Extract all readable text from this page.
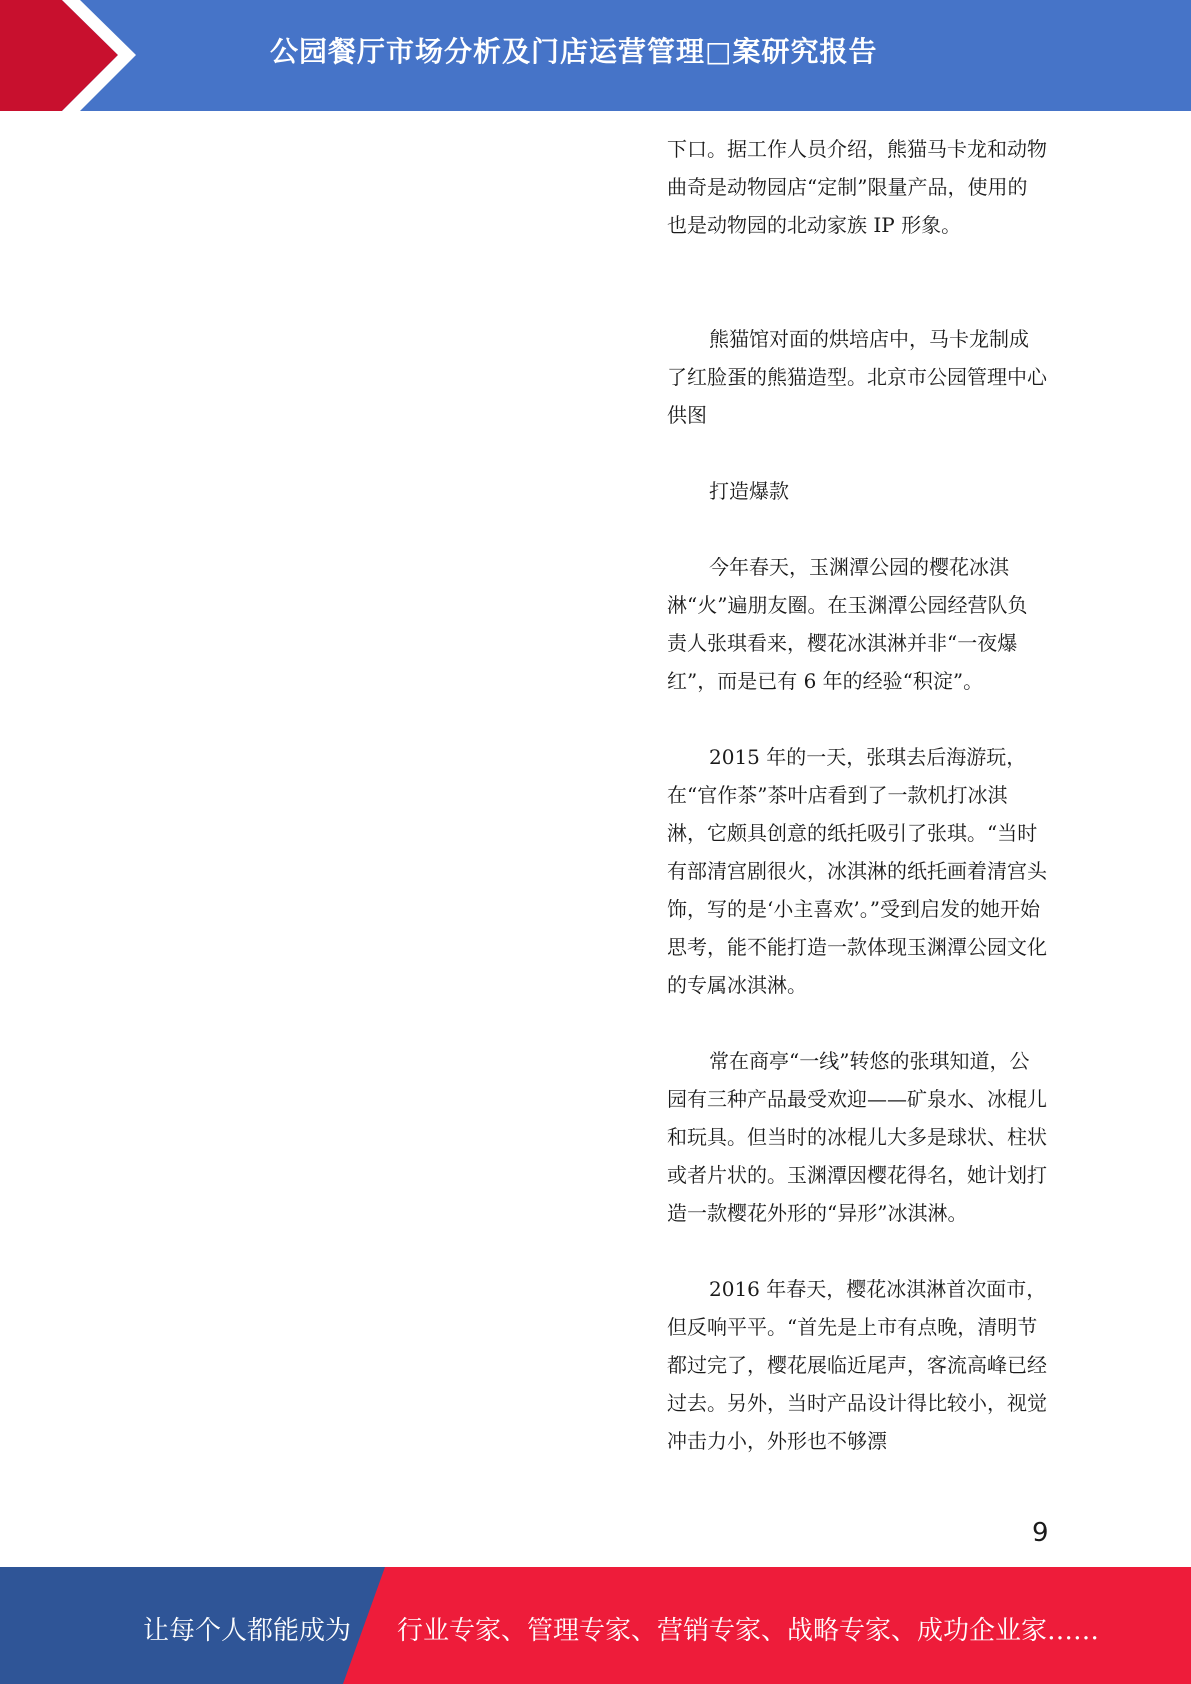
公园餐厅市场分析及门店运营管理□案研究报告

下口。据工作人员介绍，熊猫马卡龙和动物曲奇是动物园店“定制”限量产品，使用的也是动物园的北动家族 IP 形象。

熊猫馆对面的烘培店中，马卡龙制成了红脸蛋的熊猫造型。北京市公园管理中心供图

打造爆款

今年春天，玉渊潭公园的樱花冰淇淋“火”遍朋友圈。在玉渊潭公园经营队负责人张琪看来，樱花冰淇淋并非“一夜爆红”，而是已有 6 年的经验“积淀”。

2015 年的一天，张琪去后海游玩，在“官作茶”茶叶店看到了一款机打冰淇淋，它颇具创意的纸托吸引了张琪。“当时有部清宫剧很火，冰淇淋的纸托画着清宫头饰，写的是‘小主喜欢’。”受到启发的她开始思考，能不能打造一款体现玉渊潭公园文化的专属冰淇淋。

常在商亭“一线”转悠的张琪知道，公园有三种产品最受欢迎——矿泉水、冰棍儿和玩具。但当时的冰棍儿大多是球状、柱状或者片状的。玉渊潭因樱花得名，她计划打造一款樱花外形的“异形”冰淇淋。

2016 年春天，樱花冰淇淋首次面市，但反响平平。“首先是上市有点晚，清明节都过完了，樱花展临近尾声，客流高峰已经过去。另外，当时产品设计得比较小，视觉冲击力小，外形也不够漂

9
让每个人都能成为 行业专家、管理专家、营销专家、战略专家、成功企业家……
